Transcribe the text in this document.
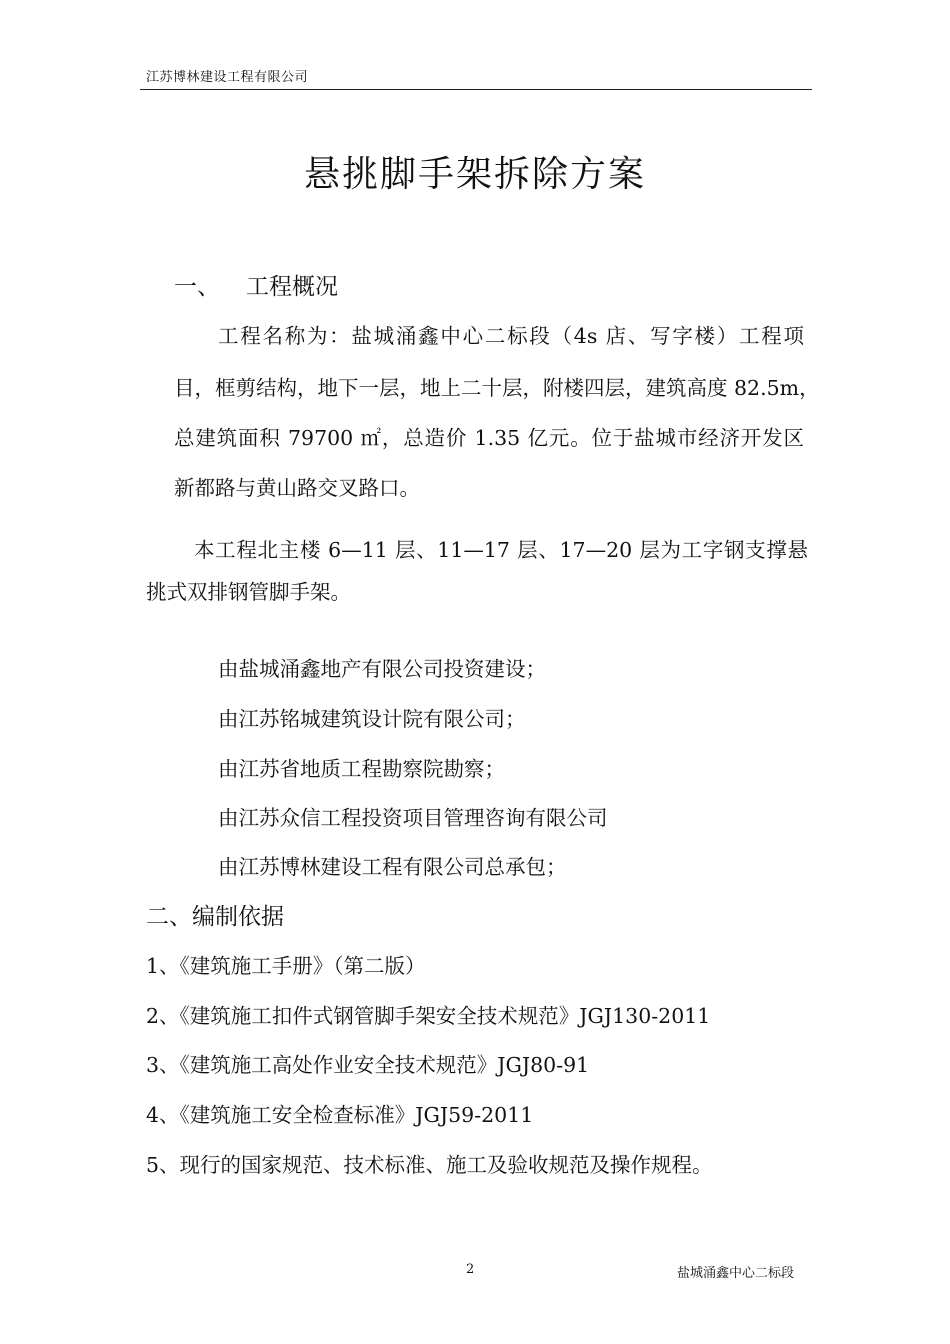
江苏博林建设工程有限公司
悬挑脚手架拆除方案
一、 工程概况
工程名称为：盐城涌鑫中心二标段（4s 店、写字楼）工程项
目，框剪结构，地下一层，地上二十层，附楼四层，建筑高度 82.5m，
总建筑面积 79700 ㎡，总造价 1.35 亿元。位于盐城市经济开发区
新都路与黄山路交叉路口。
本工程北主楼 6—11 层、11—17 层、17—20 层为工字钢支撑悬
挑式双排钢管脚手架。
由盐城涌鑫地产有限公司投资建设；
由江苏铭城建筑设计院有限公司；
由江苏省地质工程勘察院勘察；
由江苏众信工程投资项目管理咨询有限公司
由江苏博林建设工程有限公司总承包；
二、编制依据
1、《建筑施工手册》（第二版）
2、《建筑施工扣件式钢管脚手架安全技术规范》JGJ130-2011
3、《建筑施工高处作业安全技术规范》JGJ80-91
4、《建筑施工安全检查标准》JGJ59-2011
5、现行的国家规范、技术标准、施工及验收规范及操作规程。
2	盐城涌鑫中心二标段
